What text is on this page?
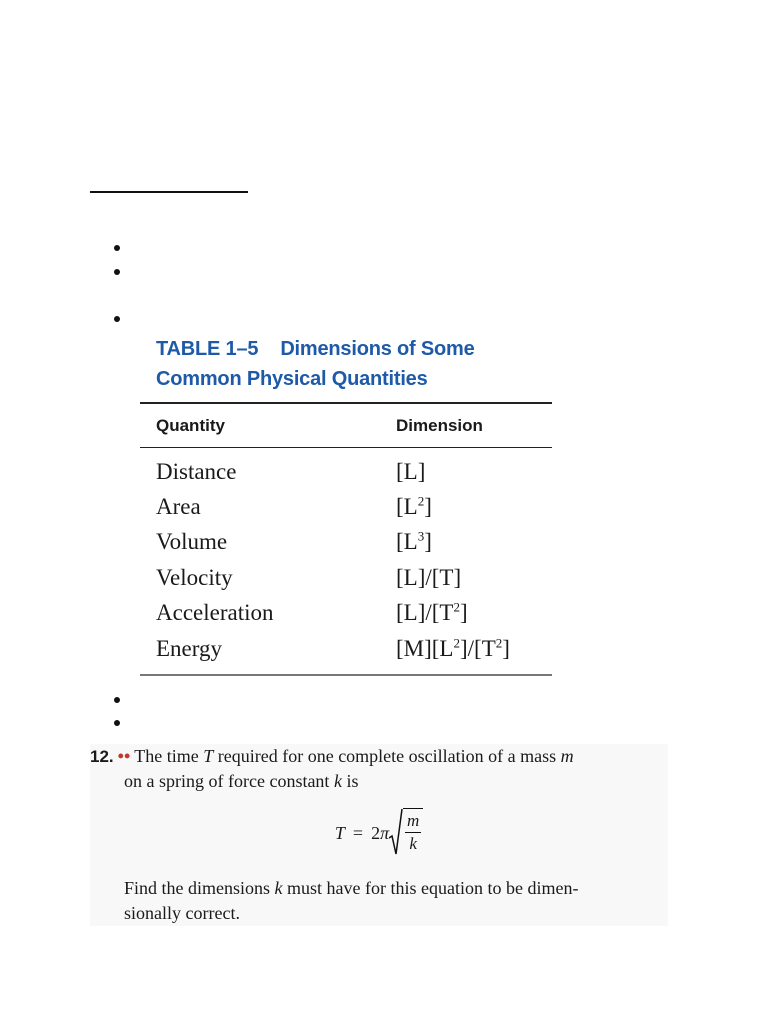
TABLE 1–5 Dimensions of Some
Common Physical Quantities
Quantity	Dimension
Distance	[L]
Area	$[L^2]$
Volume	$[L^3]$
Velocity	[L]/[T]
Acceleration	$[L]/[T^2]$
Energy	$[M][L^2]/[T^2]$
12. •• The time T required for one complete oscillation of a mass m
on a spring of force constant k is
T = 2π
m
k
Find the dimensions k must have for this equation to be dimen-
sionally correct.
